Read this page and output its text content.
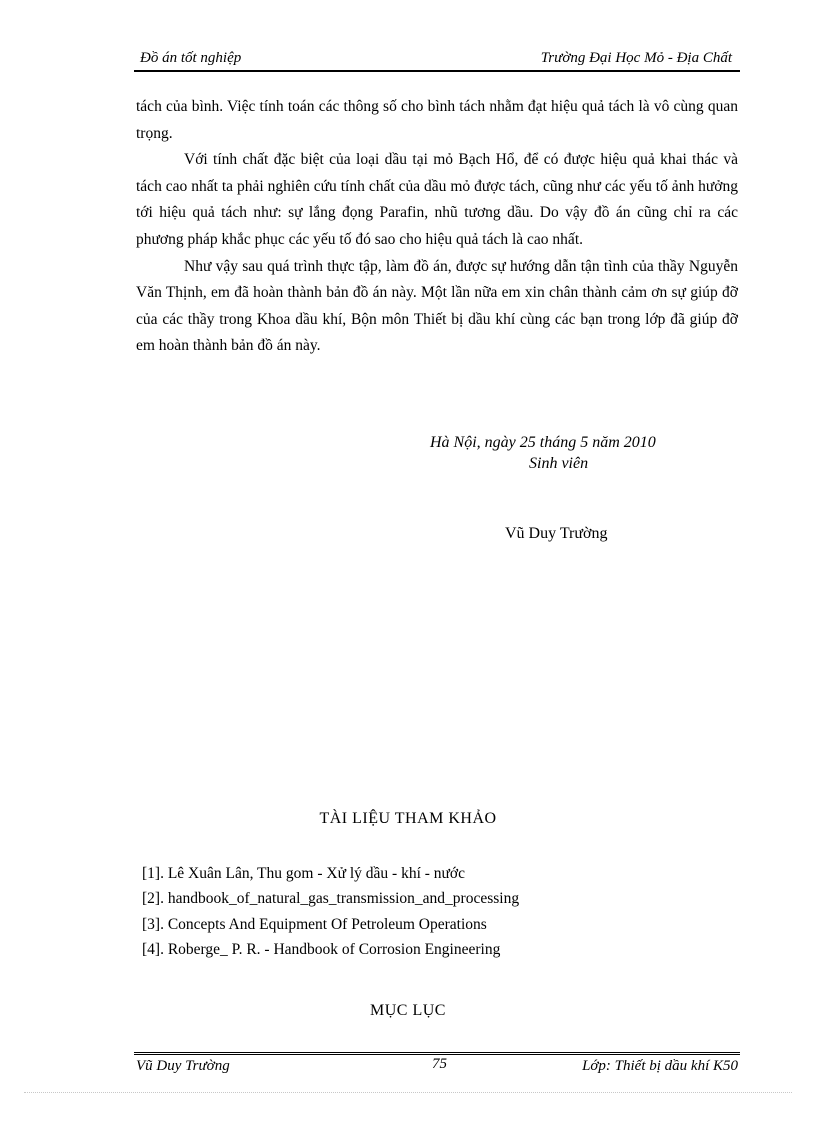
Đồ án tốt nghiệp	Trường Đại Học Mỏ - Địa Chất

tách của bình. Việc tính toán các thông số cho bình tách nhằm đạt hiệu quả tách là vô cùng quan trọng.

Với tính chất đặc biệt của loại dầu tại mỏ Bạch Hổ, để có được hiệu quả khai thác và tách cao nhất ta phải nghiên cứu tính chất của dầu mỏ được tách, cũng như các yếu tố ảnh hưởng tới hiệu quả tách như: sự lắng đọng Parafin, nhũ tương dầu. Do vậy đồ án cũng chỉ ra các phương pháp khắc phục các yếu tố đó sao cho hiệu quả tách là cao nhất.

Như vậy sau quá trình thực tập, làm đồ án, được sự hướng dẫn tận tình của thầy Nguyễn Văn Thịnh, em đã hoàn thành bản đồ án này. Một lần nữa em xin chân thành cảm ơn sự giúp đỡ của các thầy trong Khoa dầu khí, Bộn môn Thiết bị dầu khí cùng các bạn trong lớp đã giúp đỡ em hoàn thành bản đồ án này.

Hà Nội, ngày 25 tháng 5 năm 2010
Sinh viên
Vũ Duy Trường
TÀI LIỆU THAM KHẢO
[1]. Lê Xuân Lân, Thu gom - Xử lý dầu - khí - nước
[2]. handbook_of_natural_gas_transmission_and_processing
[3]. Concepts And Equipment Of Petroleum Operations
[4]. Roberge_ P. R. - Handbook of Corrosion Engineering
MỤC LỤC
Vũ Duy Trường	75	Lớp: Thiết bị dầu khí K50
